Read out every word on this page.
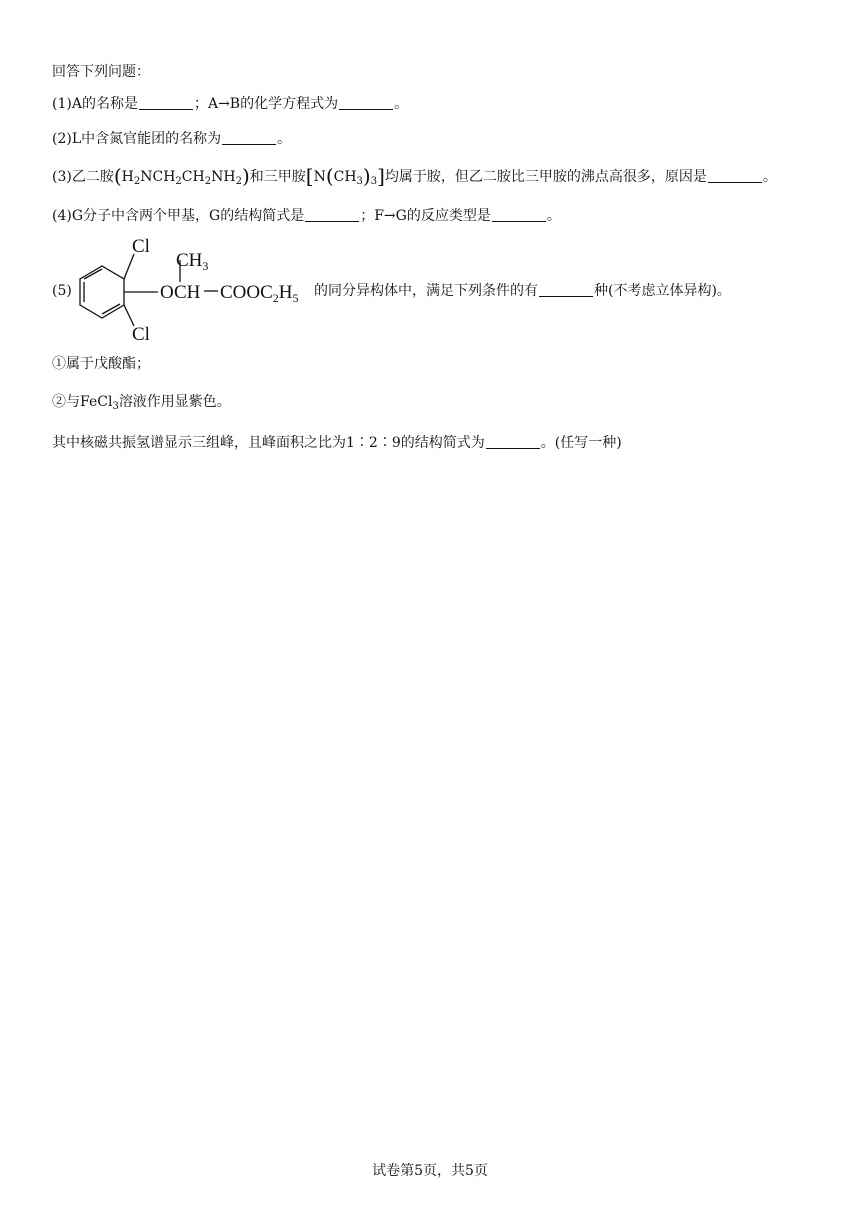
回答下列问题：
(1)A的名称是	；A→B的化学方程式为	。
(2)L中含氮官能团的名称为	。
(3)乙二胺$(H_2NCH_2CH_2NH_2)$和三甲胺$[N(CH_3)_3]$均属于胺，但乙二胺比三甲胺的沸点高很多，原因是	。
(4)G分子中含两个甲基，G的结构简式是	；F→G的反应类型是	。
(5)
Cl
Cl
$CH_3$
O CH $COOC_2H_5$ 的同分异构体中，满足下列条件的有	种(不考虑立体异构)。
①属于戊酸酯；
②与FeCl$_3$溶液作用显紫色。
其中核磁共振氢谱显示三组峰，且峰面积之比为1∶2∶9的结构简式为	。(任写一种)
试卷第5页，共5页
